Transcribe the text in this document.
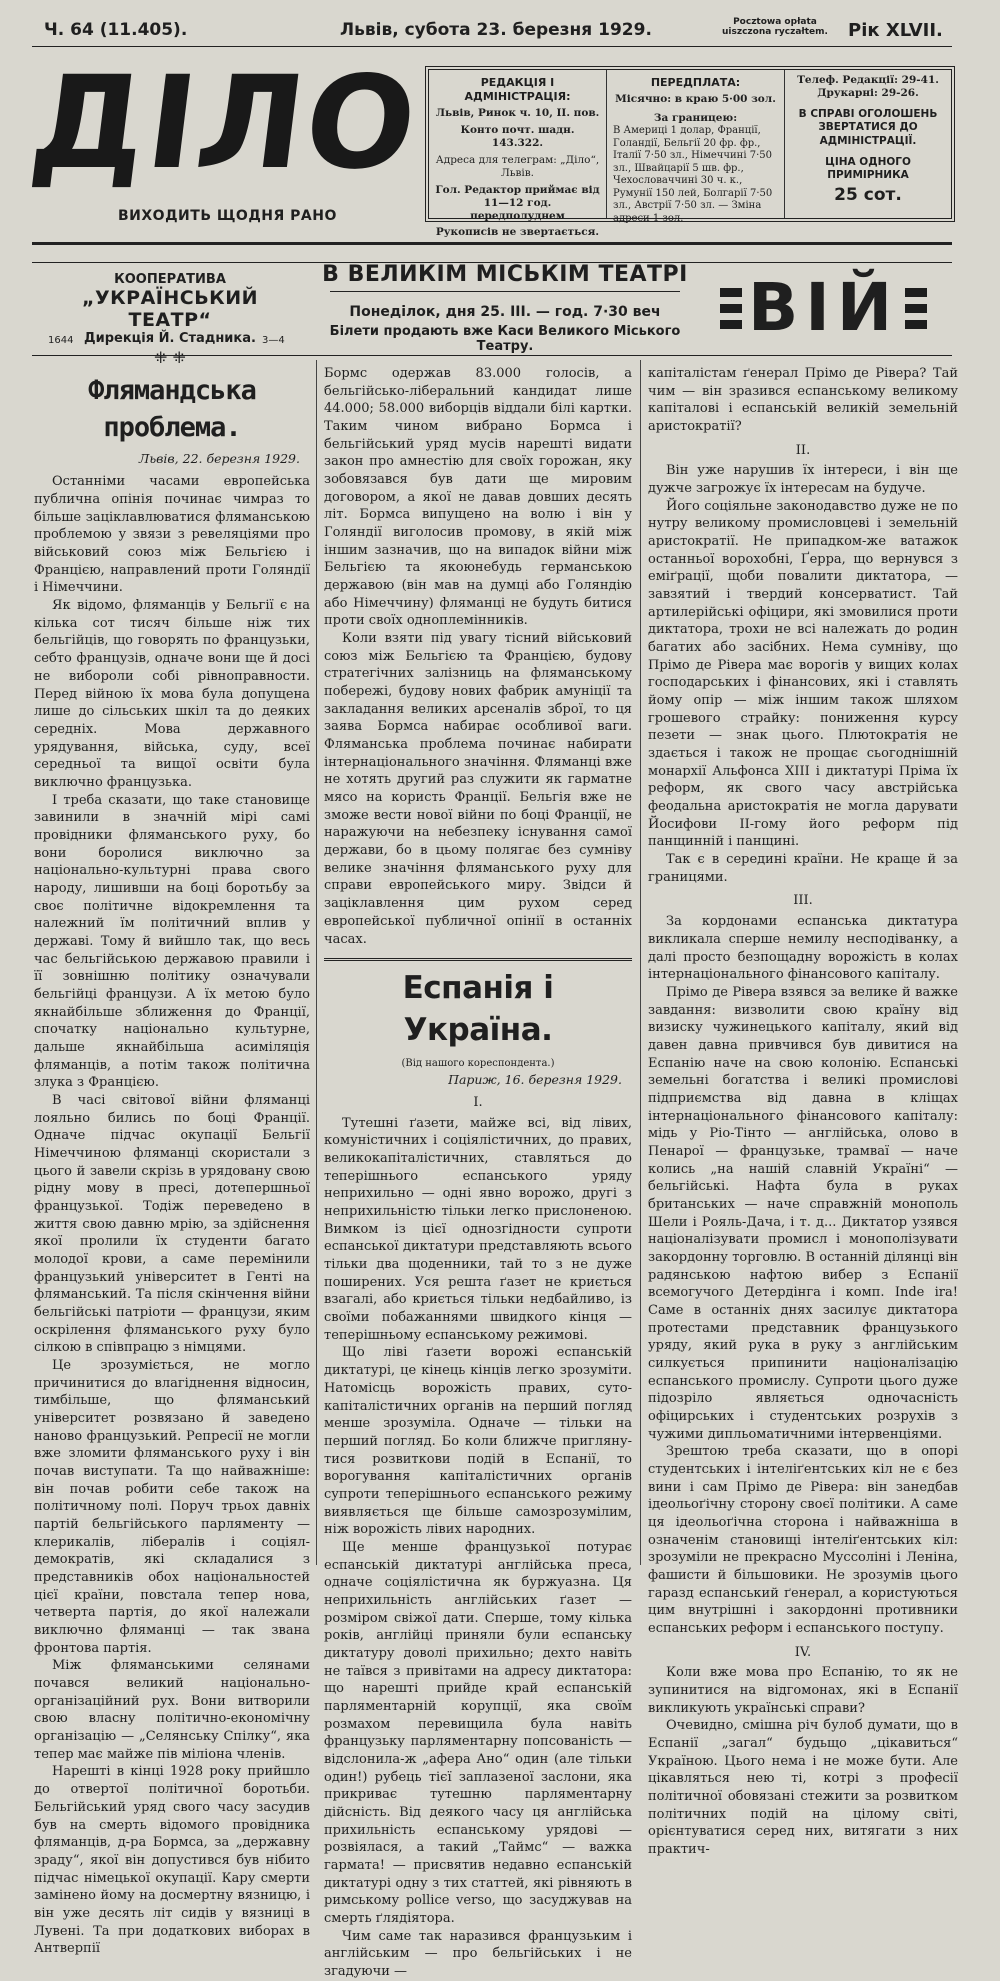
Ч. 64 (11.405).	Львів, субота 23. березня 1929.	Pocztowa opłata
uiszczona ryczałtem. Рік XLVII.
ДІЛО
ВИХОДИТЬ ЩОДНЯ РАНО
РЕДАКЦІЯ І АДМІНІСТРАЦІЯ:
Львів, Ринок ч. 10, II. пов.
Конто почт. шадн. 143.322.
Адреса для телеграм: „Діло“, Львів.
Гол. Редактор приймає від 11—12 год. передполуднем
Рукописів не звертається.
ПЕРЕДПЛАТА:
Місячно: в краю 5·00 зол.
За границею:
В Америці 1 долар, Франції, Голандії, Бельгії 20 фр. фр., Італії 7·50 зл., Німеччині 7·50 зл., Швайцарії 5 шв. фр., Чехословаччині 30 ч. к., Румунії 150 лей, Болгарії 7·50 зл., Австрії 7·50 зл. — Зміна адреси 1 зол.
Телеф. Редакції: 29-41.
Друкарні: 29-26.
В СПРАВІ ОГОЛОШЕНЬ ЗВЕРТАТИСЯ ДО АДМІНІСТРАЦІЇ.
ЦІНА ОДНОГО ПРИМІРНИКА
25 сот.
КООПЕРАТИВА
„УКРАЇНСЬКИЙ ТЕАТР“
Дирекція Й. Стадника.
⁜ ⁜
1644	3—4
В ВЕЛИКІМ МІСЬКІМ ТЕАТРІ
Понеділок, дня 25. III. — год. 7·30 веч
Білети продають вже Каси Великого Міського Театру.
ВІЙ
Флямандська проблема.
Львів, 22. березня 1929.

Останніми часами европейська публична опінія починає чимраз то більше заціклавлюватися фляманською проблемою у звязи з ревеляціями про військовий союз між Бельгією і Францією, направлений проти Голяндії і Німеччини.

Як відомо, фляманців у Бельгії є на кілька сот тисяч більше ніж тих бельгійців, що говорять по французьки, себто французів, одначе вони ще й досі не вибороли собі рівноправности. Перед війною їх мова була допущена лише до сільських шкіл та до деяких середніх. Мова державного урядування, війська, суду, всеї середньої та вищої освіти була виключно французька.

І треба сказати, що таке становище завинили в значній мірі самі провідники фляманського руху, бо вони боролися виключно за національно-культурні права свого народу, лишивши на боці боротьбу за своє політичне відокремлення та належний їм політичний вплив у державі. Тому й вийшло так, що весь час бельгійською державою правили і її зовнішню політику означували бельгійці французи. А їх метою було якнайбільше зближення до Франції, спочатку національно культурне, дальше якнайбільша асиміляція фляманців, а потім також політична злука з Францією.

В часі світової війни фляманці лояльно бились по боці Франції. Одначе підчас окупації Бельгії Німеччиною фляманці скористали з цього й завели скрізь в урядовану свою рідну мову в пресі, дотепершньої французької. Тодіж переведено в життя свою давню мрію, за здійснення якої пролили їх студенти багато молодої крови, а саме перемінили французький університет в Генті на фляманський. Та після скінчення війни бельгійські патріоти — французи, яким оскрілення фляманського руху було сілкою в співпрацю з німцями.

Це зрозуміється, не могло причинитися до влагіднення відносин, тимбільше, що фляманський університет розвязано й заведено наново французький. Репресії не могли вже зломити фляманського руху і він почав виступати. Та що найважніше: він почав робити себе також на політичному полі. Поруч трьох давніх партій бельгійського парляменту — клерикалів, лібералів і соціял-демократів, які складалися з представників обох національностей цієї країни, повстала тепер нова, четверта партія, до якої належали виключно фляманці — так звана фронтова партія.

Між фляманськими селянами почався великий національно-організаційний рух. Вони витворили свою власну політично-економічну організацію — „Селянську Спілку“, яка тепер має майже пів міліона членів.

Нарешті в кінці 1928 року прийшло до отвертої політичної боротьби. Бельгійський уряд свого часу засудив був на смерть відомого провідника фляманців, д-ра Бормса, за „державну зраду“, якої він допустився був нібито підчас німецької окупації. Кару смерти замінено йому на досмертну вязницю, і він уже десять літ сидів у вязниці в Лувені. Та при додаткових виборах в Антверпії

Бормс одержав 83.000 голосів, а бельгійсько-ліберальний кандидат лише 44.000; 58.000 виборців віддали білі картки. Таким чином вибрано Бормса і бельгійський уряд мусів нарешті видати закон про амнестію для своїх горожан, яку зобовязався був дати ще мировим договором, а якої не давав довших десять літ. Бормса випущено на волю і він у Голяндії виголосив промову, в якій між іншим зазначив, що на випадок війни між Бельгією та якоюнебудь германською державою (він мав на думці або Голяндію або Німеччину) фляманці не будуть битися проти своїх одноплемінників.

Коли взяти під увагу тісний військовий союз між Бельгією та Францією, будову стратегічних залізниць на фляманському побережі, будову нових фабрик амуніції та закладання великих арсеналів зброї, то ця заява Бормса набирає особливої ваги. Фляманська проблема починає набирати інтернаціонального значіння. Фляманці вже не хотять другий раз служити як гарматне мясо на користь Франції. Бельгія вже не зможе вести нової війни по боці Франції, не наражуючи на небезпеку існування самої держави, бо в цьому полягає без сумніву велике значіння фляманського руху для справи европейського миру. Звідси й заціклавлення цим рухом серед европейської публичної опінії в останніх часах.

Еспанія і Україна.
(Від нашого кореспондента.)
Париж, 16. березня 1929.
I.

Тутешні ґазети, майже всі, від лівих, комуністичних і соціялістичних, до правих, великокапіталістичних, ставляться до теперішнього еспанського уряду неприхильно — одні явно ворожо, другі з неприхильністю тільки легко прислоненою. Вимком із цієї однозгідности супроти еспанської диктатури представляють всього тільки два щоденники, тай то з не дуже поширених. Уся решта ґазет не криється взагалі, або криється тільки недбайливо, із своїми побажаннями швидкого кінця — теперішньому еспанському режимові.

Що ліві ґазети ворожі еспанській диктатурі, це кінець кінців легко зрозуміти. Натомісць ворожість правих, суто-капіталістичних органів на перший погляд менше зрозуміла. Одначе — тільки на перший погляд. Бо коли ближче пригляну-тися розвиткови подій в Еспанії, то ворогування капіталістичних органів супроти теперішнього еспанського режиму виявляється ще більше самозрозумілим, ніж ворожість лівих народних.

Ще менше французької потурає еспанській диктатурі англійська преса, одначе соціялістична як буржуазна. Ця неприхильність англійських ґазет — розміром свіжої дати. Сперше, тому кілька років, англійці приняли були еспанську диктатуру доволі прихильно; дехто навіть не таївся з привітами на адресу диктатора: що нарешті прийде край еспанській парляментарній корупції, яка своїм розмахом перевищила була навіть французьку парляментарну попсованість — відслонила-ж „афера Ано“ один (але тільки один!) рубець тієї заплазеної заслони, яка прикриває тутешню парляментарну дійсність. Від деякого часу ця англійська прихильність еспанському урядові — розвіялася, а такий „Таймс“ — важка гармата! — присвятив недавно еспанській диктатурі одну з тих статтей, які рівняють в римському pollice verso, що засуджував на смерть ґлядіятора.

Чим саме так наразився французьким і англійським — про бельгійських і не згадуючи —

капіталістам ґенерал Прімо де Рівера? Тай чим — він зразився еспанському великому капіталові і еспанській великій земельній аристократії?

II.

Він уже нарушив їх інтереси, і він ще дужче загрожує їх інтересам на будуче.

Його соціяльне законодавство дуже не по нутру великому промисловцеві і земельній аристократії. Не припадком-же ватажок останньої ворохобні, Ґерра, що вернувся з еміґрації, щоби повалити диктатора, — завзятий і твердий консерватист. Тай артилерійські офіцири, які змовилися проти диктатора, трохи не всі належать до родин багатих або засібних. Нема сумніву, що Прімо де Рівера має ворогів у вищих колах господарських і фінансових, які і ставлять йому опір — між іншим також шляхом грошевого страйку: пониження курсу пезети — знак цього. Плютократія не здається і також не прощає сьогоднішній монархії Альфонса XIII і диктатурі Пріма їх реформ, як свого часу австрійська феодальна аристократія не могла дарувати Йосифови II-гому його реформ під панщинній і панщині.

Так є в середині країни. Не краще й за границями.

III.

За кордонами еспанська диктатура викликала сперше немилу несподіванку, а далі просто безпощадну ворожість в колах інтернаціонального фінансового капіталу.

Прімо де Рівера взявся за велике й важке завдання: визволити свою країну від визиску чужинецького капіталу, який від давен давна привчився був дивитися на Еспанію наче на свою колонію. Еспанські земельні богатства і великі промислові підприємства від давна в кліщах інтернаціонального фінансового капіталу: мідь у Ріо-Тінто — англійська, олово в Пенарої — французьке, трамваї — наче колись „на нашій славній Україні“ — бельгійські. Нафта була в руках британських — наче справжній монополь Шели і Рояль-Дача, і т. д... Диктатор узявся націоналізувати промисл і монополізувати закордонну торговлю. В останній ділянці він радянською нафтою вибер з Еспанії всемогучого Детердінга і комп. Inde ira! Саме в останніх днях засилує диктатора протестами представник французького уряду, який рука в руку з англійським силкується припинити націоналізацію еспанського промислу. Супроти цього дуже підозріло являється одночасність офіцирських і студентських розрухів з чужими дипльоматичними інтервенціями.

Зрештою треба сказати, що в опорі студентських і інтеліґентських кіл не є без вини і сам Прімо де Рівера: він занедбав ідеольоґічну сторону своєї політики. А саме ця ідеольоґічна сторона і найважніша в означенім становищі інтеліґентських кіл: зрозуміли не прекрасно Муссоліні і Леніна, фашисти й більшовики. Не зрозумів цього гаразд еспанський ґенерал, а користуються цим внутрішні і закордонні противники еспанських реформ і еспанського поступу.

IV.

Коли вже мова про Еспанію, то як не зупинитися на відгомонах, які в Еспанії викликують українські справи?

Очевидно, смішна річ булоб думати, що в Еспанії „загал“ будьщо „цікавиться“ Україною. Цього нема і не може бути. Але цікавляться нею ті, котрі з професії політичної обовязані стежити за розвитком політичних подій на цілому світі, орієнтуватися серед них, витягати з них практич-
